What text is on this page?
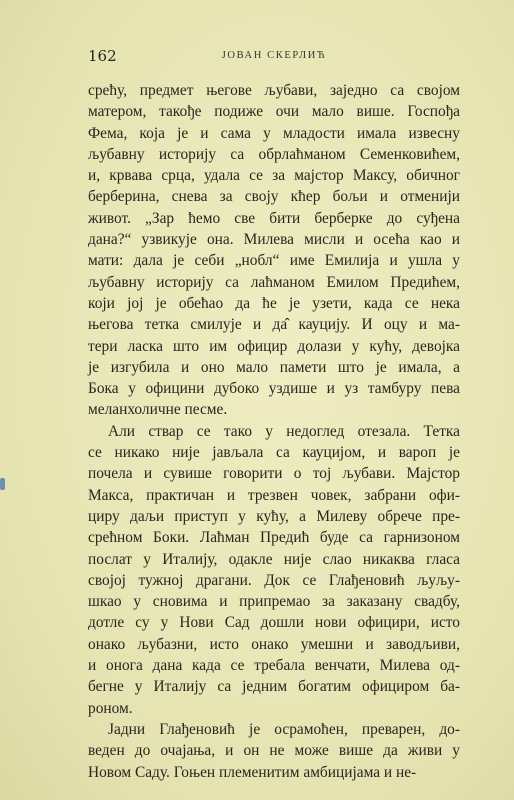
162	ЈОВАН СКЕРЛИЋ
срећу, предмет његове љубави, заједно са својом
матером, такође подиже очи мало више. Госпођа
Фема, која је и сама у младости имала извесну
љубавну историју са обрлаћманом Семенковићем,
и, крвава срца, удала се за мајстор Максу, обичног
берберина, снева за своју кћер бољи и отменији
живот. „Зар ћемо све бити берберке до суђена
дана?“ узвикује она. Милева мисли и осећа као и
мати: дала је себи „нобл“ име Емилија и ушла у
љубавну историју са лаћманом Емилом Предићем,
који јој је обећао да ће је узети, када се нека
његова тетка смилује и да̂ кауцију. И оцу и ма-
тери ласка што им официр долази у кућу, девојка
је изгубила и оно мало памети што је имала, а
Бока у официни дубоко уздише и уз тамбуру пева
меланхоличне песме.
Али ствар се тако у недоглед отезала. Тетка
се никако није јављала са кауцијом, и вароп је
почела и сувише говорити о тој љубави. Мајстор
Макса, практичан и трезвен човек, забрани офи-
циру даљи приступ у кућу, а Милеву обрече пре-
срећном Боки. Лаћман Предић буде са гарнизоном
послат у Италију, одакле није слао никаква гласа
својој тужној драгани. Док се Глађеновић љуљу-
шкао у сновима и припремао за заказану свадбу,
дотле су у Нови Сад дошли нови официри, исто
онако љубазни, исто онако умешни и заводљиви,
и онога дана када се требала венчати, Милева од-
бегне у Италију са једним богатим официром ба-
роном.
Јадни Глађеновић је осрамоћен, преварен, до-
веден до очајања, и он не може више да живи у
Новом Саду. Гоњен племенитим амбицијама и не-
